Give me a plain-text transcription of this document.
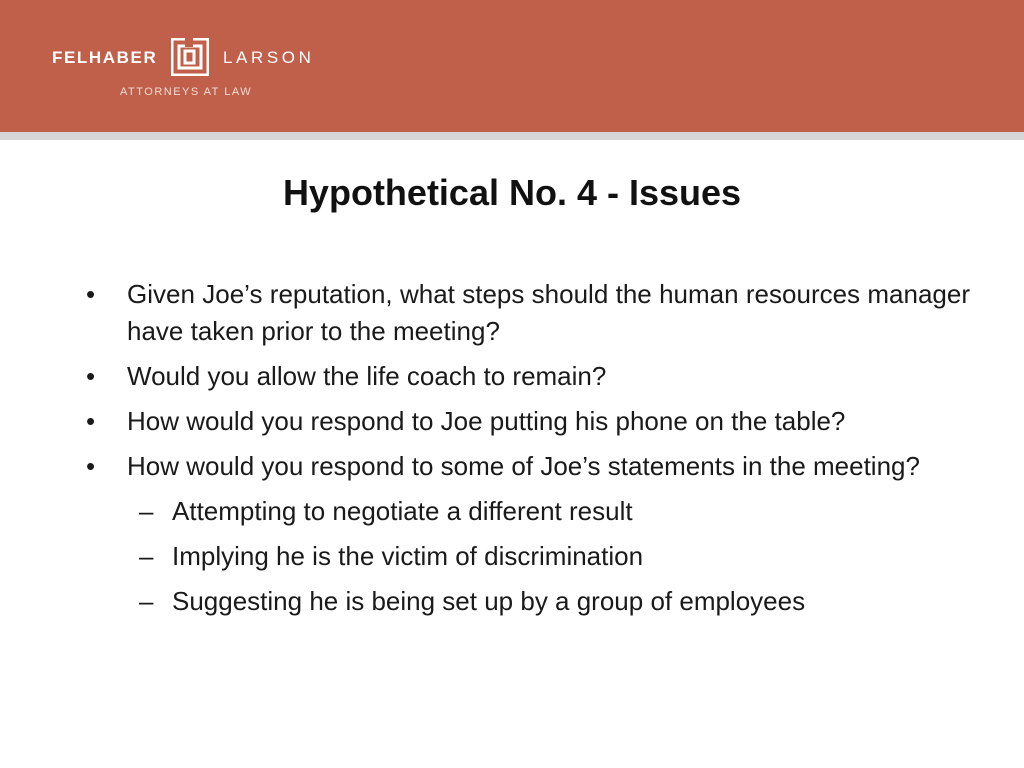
FELHABER	LARSON
ATTORNEYS AT LAW
Hypothetical No. 4 - Issues
• Given Joe’s reputation, what steps should the human resources manager have taken prior to the meeting?
• Would you allow the life coach to remain?
• How would you respond to Joe putting his phone on the table?
• How would you respond to some of Joe’s statements in the meeting?
– Attempting to negotiate a different result
– Implying he is the victim of discrimination
– Suggesting he is being set up by a group of employees
